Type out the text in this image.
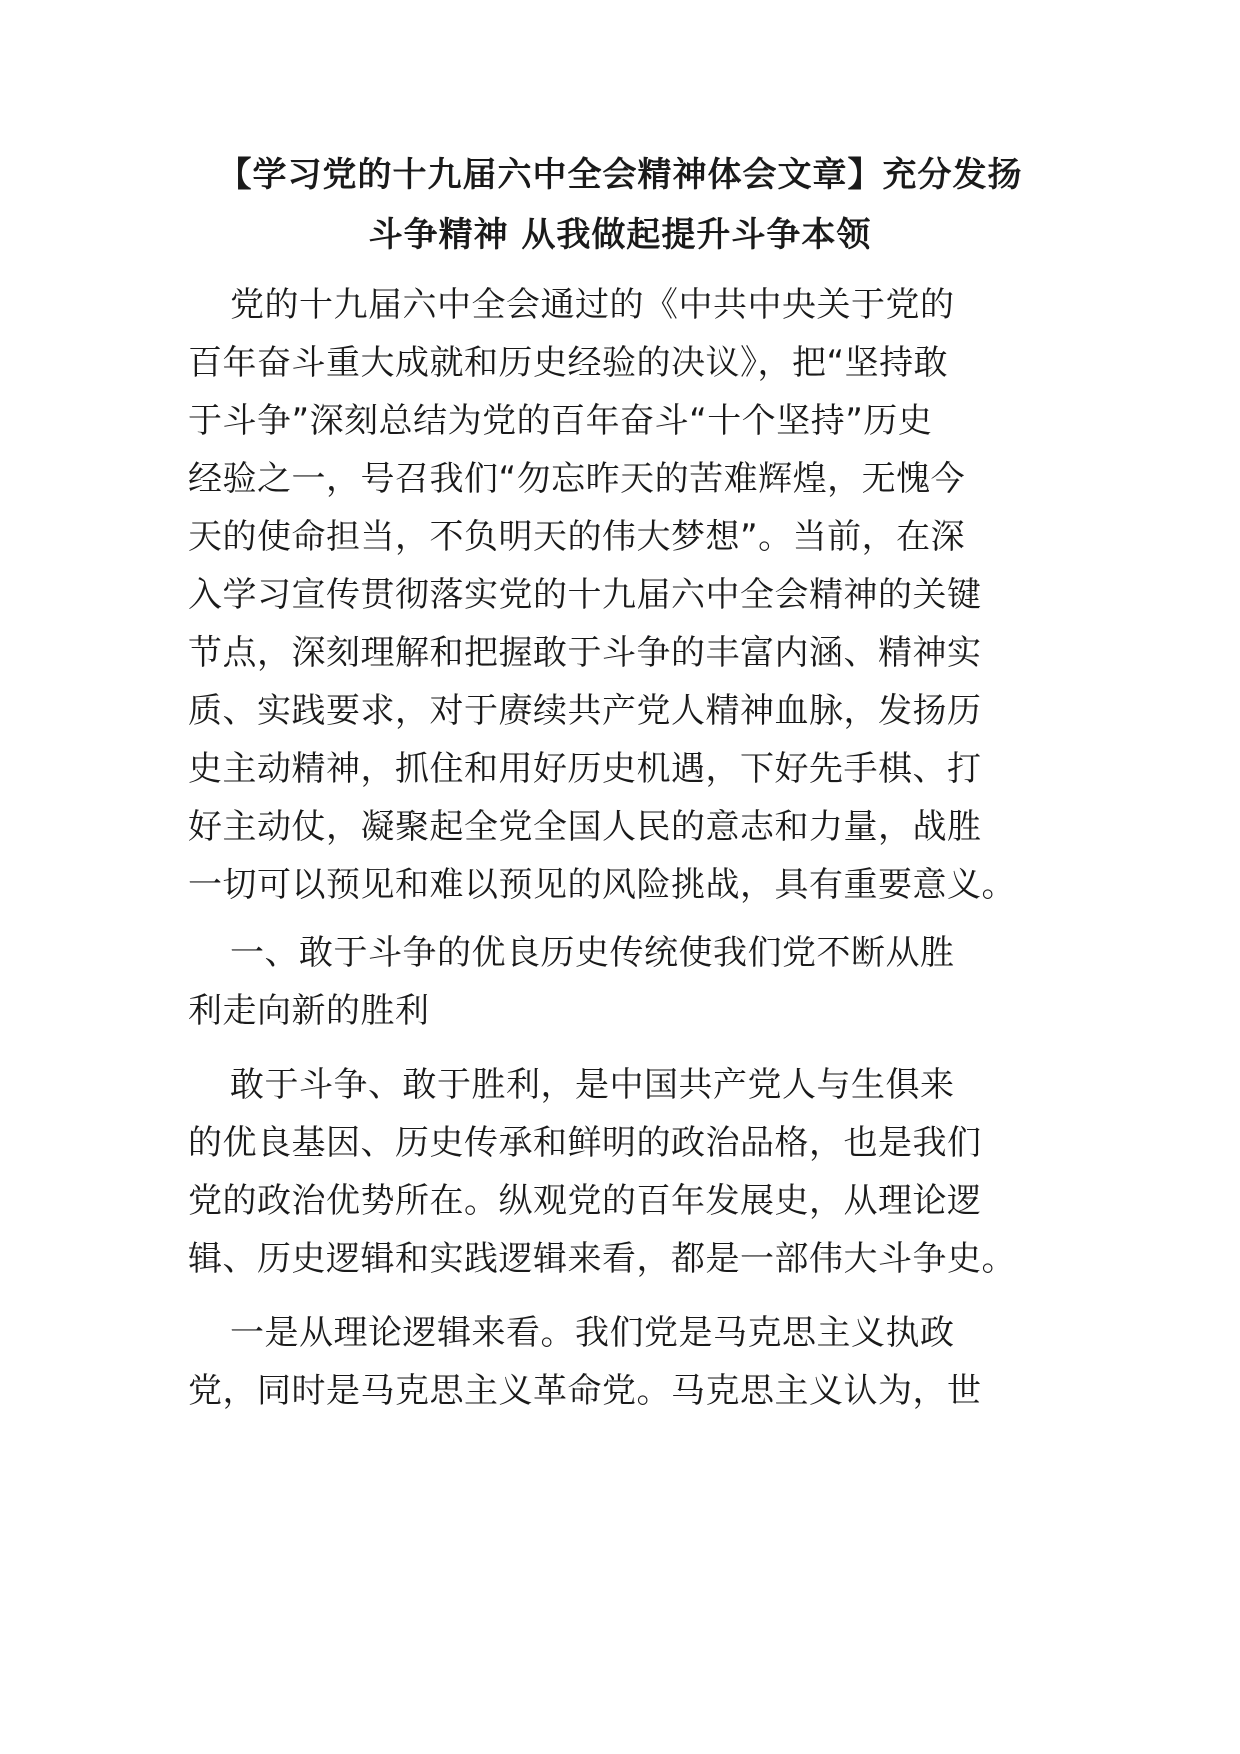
【学习党的十九届六中全会精神体会文章】充分发扬
斗争精神 从我做起提升斗争本领
党的十九届六中全会通过的《中共中央关于党的
百年奋斗重大成就和历史经验的决议》，把“坚持敢
于斗争”深刻总结为党的百年奋斗“十个坚持”历史
经验之一，号召我们“勿忘昨天的苦难辉煌，无愧今
天的使命担当，不负明天的伟大梦想”。当前，在深
入学习宣传贯彻落实党的十九届六中全会精神的关键
节点，深刻理解和把握敢于斗争的丰富内涵、精神实
质、实践要求，对于赓续共产党人精神血脉，发扬历
史主动精神，抓住和用好历史机遇，下好先手棋、打
好主动仗，凝聚起全党全国人民的意志和力量，战胜
一切可以预见和难以预见的风险挑战，具有重要意义。
一、敢于斗争的优良历史传统使我们党不断从胜
利走向新的胜利
敢于斗争、敢于胜利，是中国共产党人与生俱来
的优良基因、历史传承和鲜明的政治品格，也是我们
党的政治优势所在。纵观党的百年发展史，从理论逻
辑、历史逻辑和实践逻辑来看，都是一部伟大斗争史。
一是从理论逻辑来看。我们党是马克思主义执政
党，同时是马克思主义革命党。马克思主义认为，世
